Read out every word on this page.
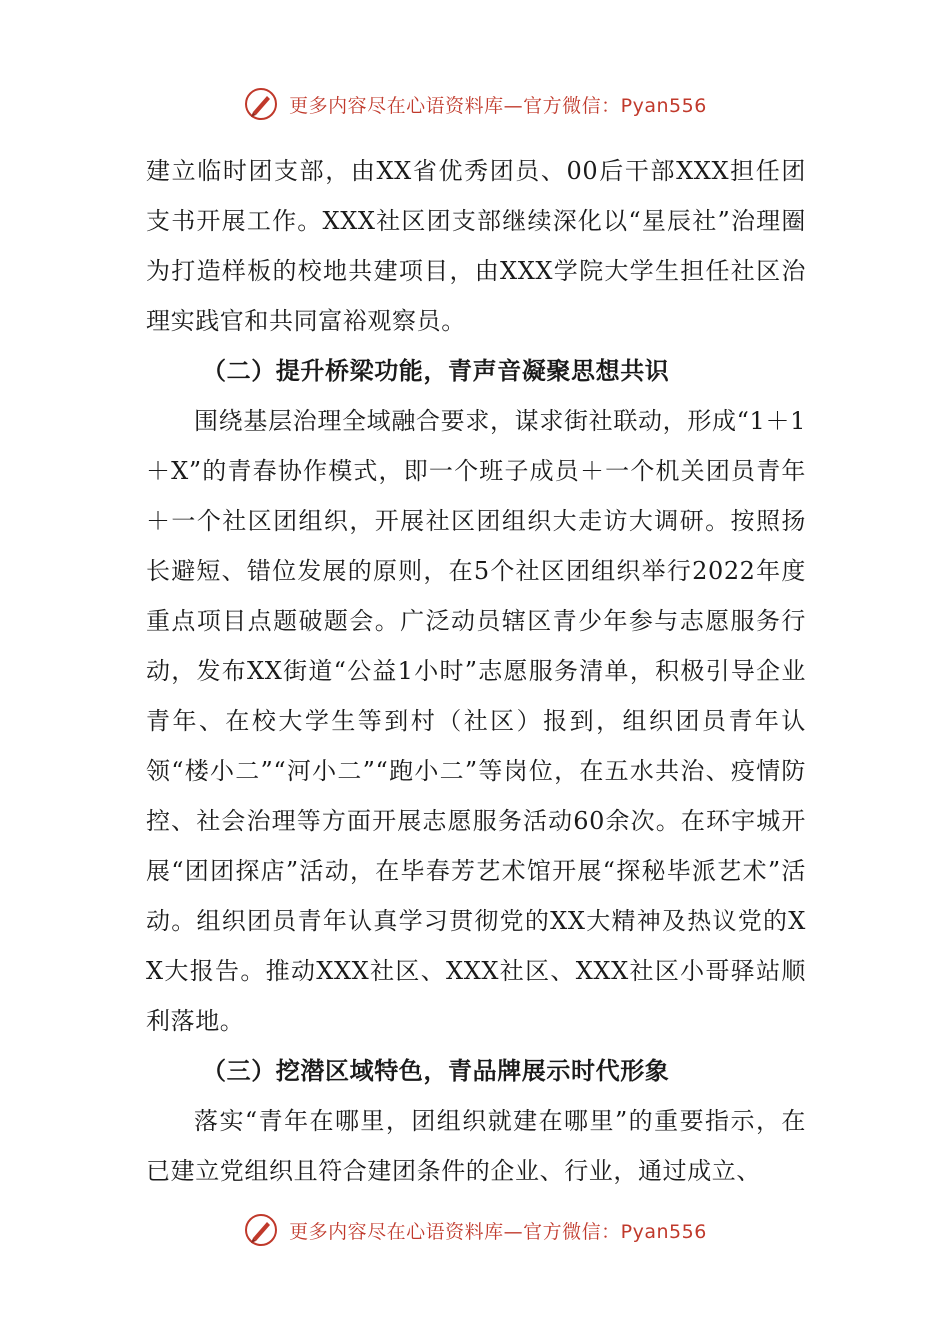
更多内容尽在心语资料库—官方微信：Pyan556

建立临时团支部，由XX省优秀团员、00后干部XXX担任团支书开展工作。XXX社区团支部继续深化以“星辰社”治理圈为打造样板的校地共建项目，由XXX学院大学生担任社区治理实践官和共同富裕观察员。

（二）提升桥梁功能，青声音凝聚思想共识

围绕基层治理全域融合要求，谋求街社联动，形成“1＋1＋X”的青春协作模式，即一个班子成员＋一个机关团员青年＋一个社区团组织，开展社区团组织大走访大调研。按照扬长避短、错位发展的原则，在5个社区团组织举行2022年度重点项目点题破题会。广泛动员辖区青少年参与志愿服务行动，发布XX街道“公益1小时”志愿服务清单，积极引导企业青年、在校大学生等到村（社区）报到，组织团员青年认领“楼小二”“河小二”“跑小二”等岗位，在五水共治、疫情防控、社会治理等方面开展志愿服务活动60余次。在环宇城开展“团团探店”活动，在毕春芳艺术馆开展“探秘毕派艺术”活动。组织团员青年认真学习贯彻党的XX大精神及热议党的XX大报告。推动XXX社区、XXX社区、XXX社区小哥驿站顺利落地。

（三）挖潜区域特色，青品牌展示时代形象

落实“青年在哪里，团组织就建在哪里”的重要指示，在已建立党组织且符合建团条件的企业、行业，通过成立、

更多内容尽在心语资料库—官方微信：Pyan556
